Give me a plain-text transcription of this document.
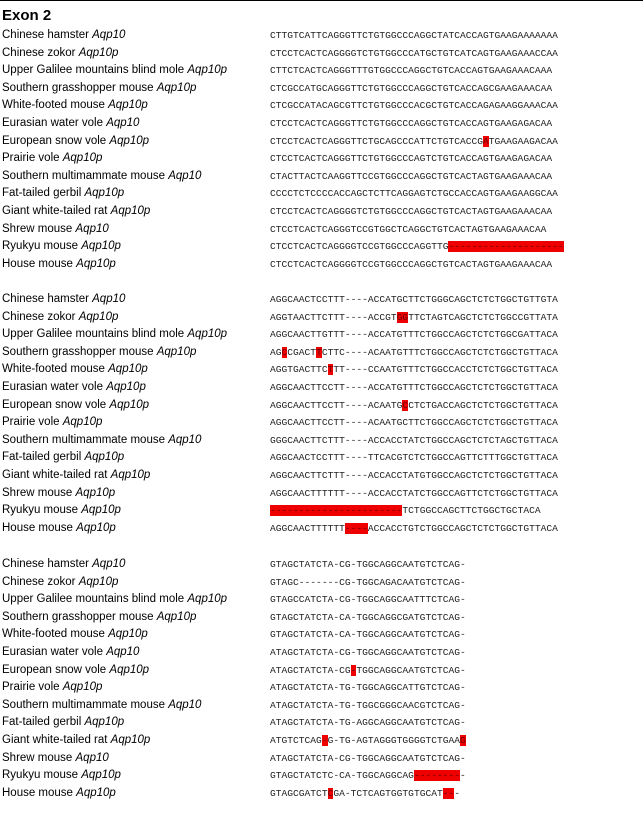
Exon 2
Chinese hamster Aqp10	CTTGTCATTCAGGGTTCTGTGGCCCAGGCTATCACCAGTGAAGAAAAAAA
Chinese zokor Aqp10p	CTCCTCACTCAGGGGTCTGTGGCCCATGCTGTCATCAGTGAAGAAACCAA
Upper Galilee mountains blind mole Aqp10p	CTTCTCACTCAGGGTTTGTGGCCCAGGCTGTCACCAGTGAAGAAACAAA
Southern grasshopper mouse Aqp10p	CTCGCCATGCAGGGTTCTGTGGCCCAGGCTGTCACCAGCGAAGAAACAA
White-footed mouse Aqp10p	CTCGCCATACAGCGTTCTGTGGCCCACGCTGTCACCAGAGAAGGAAACAA
Eurasian water vole Aqp10	CTCCTCACTCAGGGTTCTGTGGCCCAGGCTGTCACCAGTGAAGAGACAA
European snow vole Aqp10p	CTCCTCACTCAGGGTTCTGCAGCCCATTCTGTCACCGATGAAGAAGACAA
Prairie vole Aqp10p	CTCCTCACTCAGGGTTCTGTGGCCCAGTCTGTCACCAGTGAAGAGACAA
Southern multimammate mouse Aqp10	CTACTTACTCAAGGTTCCGTGGCCCAGGCTGTCACTAGTGAAGAAACAA
Fat-tailed gerbil Aqp10p	CCCCTCTCCCCACCAGCTCTTCAGGAGTCTGCCACCAGTGAAGAAGGCAA
Giant white-tailed rat Aqp10p	CTCCTCACTCAGGGGTCTGTGGCCCAGGCTGTCACTAGTGAAGAAACAA
Shrew mouse Aqp10	CTCCTCACTCAGGGTCCGTGGCTCAGGCTGTCACTAGTGAAGAAACAA
Ryukyu mouse Aqp10p	CTCCTCACTCAGGGGTCCGTGGCCCAGGTTG--------------------
House mouse Aqp10p	CTCCTCACTCAGGGGTCCGTGGCCCAGGCTGTCACTAGTGAAGAAACAA
Chinese hamster Aqp10	AGGCAACTCCTTT----ACCATGCTTCTGGGCAGCTCTCTGGCTGTTGTA
Chinese zokor Aqp10p	AGGTAACTTCTTT----ACCGTGGTTCTAGTCAGCTCTCTGGCCGTTATA
Upper Galilee mountains blind mole Aqp10p	AGGCAACTTGTTT----ACCATGTTTCTGGCCAGCTCTCTGGCGATTACA
Southern grasshopper mouse Aqp10p	AGCCGACTTCTTC----ACAATGTTTCTGGCCAGCTCTCTGGCTGTTACA
White-footed mouse Aqp10p	AGGTGACTTCTTT----CCAATGTTTCTGGCCACCTCTCTGGCTGTTACA
Eurasian water vole Aqp10p	AGGCAACTTCCTT----ACCATGTTTCTGGCCAGCTCTCTGGCTGTTACA
European snow vole Aqp10p	AGGCAACTTCCTT----ACAATGCCTCTGACCAGCTCTCTGGCTGTTACA
Prairie vole Aqp10p	AGGCAACTTCCTT----ACAATGCTTCTGGCCAGCTCTCTGGCTGTTACA
Southern multimammate mouse Aqp10	GGGCAACTTCTTT----ACCACCTATCTGGCCAGCTCTCTAGCTGTTACA
Fat-tailed gerbil Aqp10p	AGGCAACTCCTTT----TTCACGTCTCTGGCCAGTTCTTTGGCTGTTACA
Giant white-tailed rat Aqp10p	AGGCAACTTCTTT----ACCACCTATGTGGCCAGCTCTCTGGCTGTTACA
Shrew mouse Aqp10p	AGGCAACTTTTTT----ACCACCTATCTGGCCAGTTCTCTGGCTGTTACA
Ryukyu mouse Aqp10p	-----------------------TCTGGCCAGCTTCTGGCTGCTACA
House mouse Aqp10p	AGGCAACTTTTTT----ACCACCTGTCTGGCCAGCTCTCTGGCTGTTACA
Chinese hamster Aqp10	GTAGCTATCTA-CG-TGGCAGGCAATGTCTCAG-
Chinese zokor Aqp10p	GTAGC-------CG-TGGCAGACAATGTCTCAG-
Upper Galilee mountains blind mole Aqp10p	GTAGCCATCTA-CG-TGGCAGGCAATTTCTCAG-
Southern grasshopper mouse Aqp10p	GTAGCTATCTA-CA-TGGCAGGCGATGTCTCAG-
White-footed mouse Aqp10p	GTAGCTATCTA-CA-TGGCAGGCAATGTCTCAG-
Eurasian water vole Aqp10	ATAGCTATCTA-CG-TGGCAGGCAATGTCTCAG-
European snow vole Aqp10p	ATAGCTATCTA-CG-TGGCAGGCAATGTCTCAG-
Prairie vole Aqp10p	ATAGCTATCTA-TG-TGGCAGGCATTGTCTCAG-
Southern multimammate mouse Aqp10	ATAGCTATCTA-TG-TGGCGGGCAACGTCTCAG-
Fat-tailed gerbil Aqp10p	ATAGCTATCTA-TG-AGGCAGGCAATGTCTCAG-
Giant white-tailed rat Aqp10p	ATGTCTCAG-G-TG-AGTAGGGTGGGGTCTGAAG
Shrew mouse Aqp10	ATAGCTATCTA-CG-TGGCAGGCAATGTCTCAG-
Ryukyu mouse Aqp10p	GTAGCTATCTC-CA-TGGCAGGCAG---------
House mouse Aqp10p	GTAGCGATCTCGA-TCTCAGTGGTGTGCAT---
